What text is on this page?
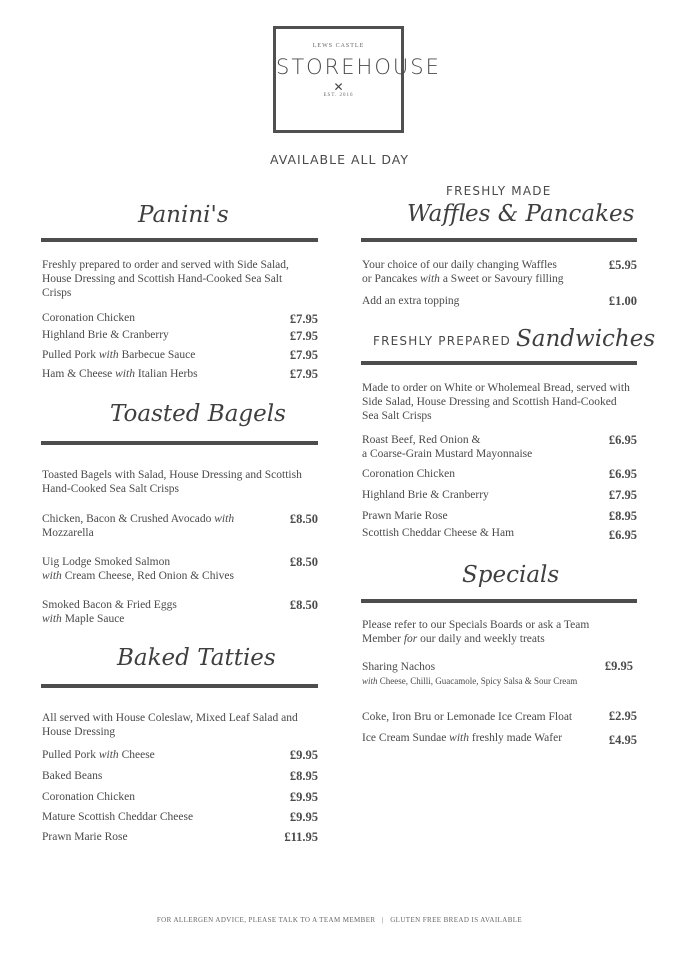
LEWS CASTLE
STOREHOUSE
✕
EST. 2016
AVAILABLE ALL DAY
Panini's
Freshly prepared to order and served with Side Salad, House Dressing and Scottish Hand-Cooked Sea Salt Crisps
Coronation Chicken	£7.95
Highland Brie & Cranberry	£7.95
Pulled Pork with Barbecue Sauce	£7.95
Ham & Cheese with Italian Herbs	£7.95
Toasted Bagels
Toasted Bagels with Salad, House Dressing and Scottish Hand-Cooked Sea Salt Crisps
Chicken, Bacon & Crushed Avocado with
Mozzarella
£8.50
Uig Lodge Smoked Salmon
with Cream Cheese, Red Onion & Chives
£8.50
Smoked Bacon & Fried Eggs
with Maple Sauce
£8.50
Baked Tatties
All served with House Coleslaw, Mixed Leaf Salad and House Dressing
Pulled Pork with Cheese	£9.95
Baked Beans	£8.95
Coronation Chicken	£9.95
Mature Scottish Cheddar Cheese	£9.95
Prawn Marie Rose	£11.95
FRESHLY MADE
Waffles & Pancakes
Your choice of our daily changing Waffles
or Pancakes with a Sweet or Savoury filling
£5.95
Add an extra topping	£1.00
FRESHLY PREPARED Sandwiches
Made to order on White or Wholemeal Bread, served with Side Salad, House Dressing and Scottish Hand-Cooked Sea Salt Crisps
Roast Beef, Red Onion &
a Coarse-Grain Mustard Mayonnaise
£6.95
Coronation Chicken	£6.95
Highland Brie & Cranberry	£7.95
Prawn Marie Rose	£8.95
Scottish Cheddar Cheese & Ham	£6.95
Specials
Please refer to our Specials Boards or ask a Team
Member for our daily and weekly treats
Sharing Nachos
with Cheese, Chilli, Guacamole, Spicy Salsa & Sour Cream
£9.95
Coke, Iron Bru or Lemonade Ice Cream Float	£2.95
Ice Cream Sundae with freshly made Wafer	£4.95
FOR ALLERGEN ADVICE, PLEASE TALK TO A TEAM MEMBER   |   GLUTEN FREE BREAD IS AVAILABLE
